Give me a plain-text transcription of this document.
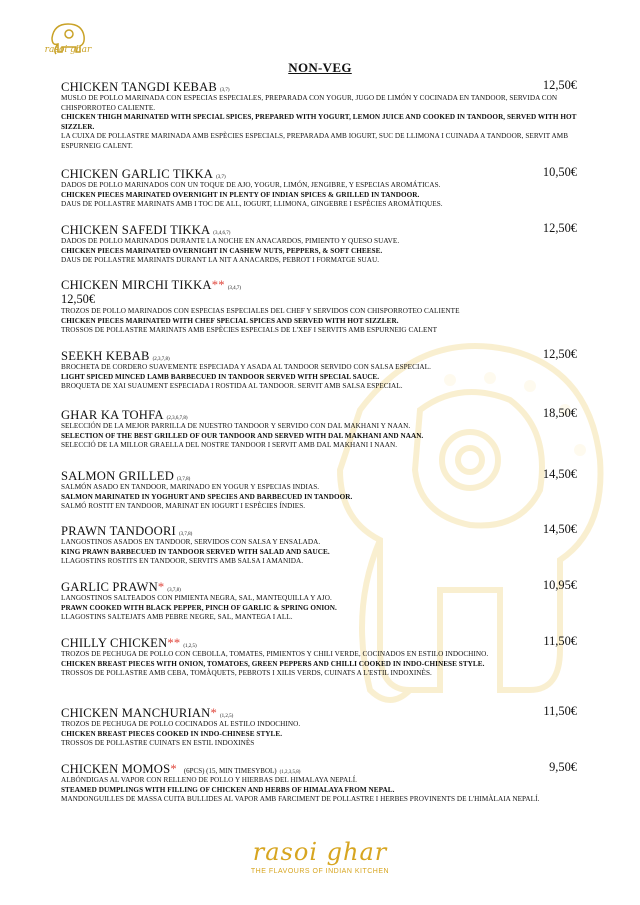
rasoi ghar
NON-VEG
CHICKEN TANGDI KEBAB (3,7)	12,50€
MUSLO DE POLLO MARINADA CON ESPECIAS ESPECIALES, PREPARADA CON YOGUR, JUGO DE LIMÓN Y COCINADA EN TANDOOR, SERVIDA CON CHISPORROTEO CALIENTE.
CHICKEN THIGH MARINATED WITH SPECIAL SPICES, PREPARED WITH YOGURT, LEMON JUICE AND COOKED IN TANDOOR, SERVED WITH HOT SIZZLER.
LA CUIXA DE POLLASTRE MARINADA AMB ESPÈCIES ESPECIALS, PREPARADA AMB IOGURT, SUC DE LLIMONA I CUINADA A TANDOOR, SERVIT AMB ESPURNEIG CALENT.
CHICKEN GARLIC TIKKA (3,7)	10,50€
DADOS DE POLLO MARINADOS CON UN TOQUE DE AJO, YOGUR, LIMÓN, JENGIBRE, Y ESPECIAS AROMÁTICAS.
CHICKEN PIECES MARINATED OVERNIGHT IN PLENTY OF INDIAN SPICES & GRILLED IN TANDOOR.
DAUS DE POLLASTRE MARINATS AMB I TOC DE ALL, IOGURT, LLIMONA, GINGEBRE I ESPÈCIES AROMÀTIQUES.
CHICKEN SAFEDI TIKKA (3,4,6,7)	12,50€
DADOS DE POLLO MARINADOS DURANTE LA NOCHE EN ANACARDOS, PIMIENTO Y QUESO SUAVE.
CHICKEN PIECES MARINATED OVERNIGHT IN CASHEW NUTS, PEPPERS, & SOFT CHEESE.
DAUS DE POLLASTRE MARINATS DURANT LA NIT A ANACARDS, PEBROT I FORMATGE SUAU.
CHICKEN MIRCHI TIKKA** (3,4,7)
12,50€
TROZOS DE POLLO MARINADOS CON ESPECIAS ESPECIALES DEL CHEF Y SERVIDOS CON CHISPORROTEO CALIENTE
CHICKEN PIECES MARINATED WITH CHEF SPECIAL SPICES AND SERVED WITH HOT SIZZLER.
TROSSOS DE POLLASTRE MARINATS AMB ESPÈCIES ESPECIALS DE L'XEF I SERVITS AMB ESPURNEIG CALENT
SEEKH KEBAB (2,3,7,8)	12,50€
BROCHETA DE CORDERO SUAVEMENTE ESPECIADA Y ASADA AL TANDOOR SERVIDO CON SALSA ESPECIAL.
LIGHT SPICED MINCED LAMB BARBECUED IN TANDOOR SERVED WITH SPECIAL SAUCE.
BROQUETA DE XAI SUAUMENT ESPECIADA I ROSTIDA AL TANDOOR. SERVIT AMB SALSA ESPECIAL.
GHAR KA TOHFA (2,3,6,7,8)	18,50€
SELECCIÓN DE LA MEJOR PARRILLA DE NUESTRO TANDOOR Y SERVIDO CON DAL MAKHANI Y NAAN.
SELECTION OF THE BEST GRILLED OF OUR TANDOOR AND SERVED WITH DAL MAKHANI AND NAAN.
SELECCIÓ DE LA MILLOR GRAELLA DEL NOSTRE TANDOOR I SERVIT AMB DAL MAKHANI I NAAN.
SALMON GRILLED (3,7,8)	14,50€
SALMÓN ASADO EN TANDOOR, MARINADO EN YOGUR Y ESPECIAS INDIAS.
SALMON MARINATED IN YOGHURT AND SPECIES AND BARBECUED IN TANDOOR.
SALMÓ ROSTIT EN TANDOOR, MARINAT EN IOGURT I ESPÈCIES ÍNDIES.
PRAWN TANDOORI (3,7,8)	14,50€
LANGOSTINOS ASADOS EN TANDOOR, SERVIDOS CON SALSA Y ENSALADA.
KING PRAWN BARBECUED IN TANDOOR SERVED WITH SALAD AND SAUCE.
LLAGOSTINS ROSTITS EN TANDOOR, SERVITS AMB SALSA I AMANIDA.
GARLIC PRAWN* (3,7,8)	10,95€
LANGOSTINOS SALTEADOS CON PIMIENTA NEGRA, SAL, MANTEQUILLA Y AJO.
PRAWN COOKED WITH BLACK PEPPER, PINCH OF GARLIC & SPRING ONION.
LLAGOSTINS SALTEJATS AMB PEBRE NEGRE, SAL, MANTEGA I ALL.
CHILLY CHICKEN** (1,2,5)	11,50€
TROZOS DE PECHUGA DE POLLO CON CEBOLLA, TOMATES, PIMIENTOS Y CHILI VERDE, COCINADOS EN ESTILO INDOCHINO.
CHICKEN BREAST PIECES WITH ONION, TOMATOES, GREEN PEPPERS AND CHILLI COOKED IN INDO-CHINESE STYLE.
TROSSOS DE POLLASTRE AMB CEBA, TOMÀQUETS, PEBROTS I XILIS VERDS, CUINATS A L'ESTIL INDOXINÈS.
CHICKEN MANCHURIAN* (1,2,5)	11,50€
TROZOS DE PECHUGA DE POLLO COCINADOS AL ESTILO INDOCHINO.
CHICKEN BREAST PIECES COOKED IN INDO-CHINESE STYLE.
TROSSOS DE POLLASTRE CUINATS EN ESTIL INDOXINÈS
CHICKEN MOMOS* (6PCS) (15, MIN TIMESYBOL) (1,2,3,5,8)	9,50€
ALBÓNDIGAS AL VAPOR CON RELLENO DE POLLO Y HIERBAS DEL HIMALAYA NEPALÍ.
STEAMED DUMPLINGS WITH FILLING OF CHICKEN AND HERBS OF HIMALAYA FROM NEPAL.
MANDONGUILLES DE MASSA CUITA BULLIDES AL VAPOR AMB FARCIMENT DE POLLASTRE I HERBES PROVINENTS DE L'HIMÀLAIA NEPALÍ.
rasoi ghar
THE FLAVOURS OF INDIAN KITCHEN
